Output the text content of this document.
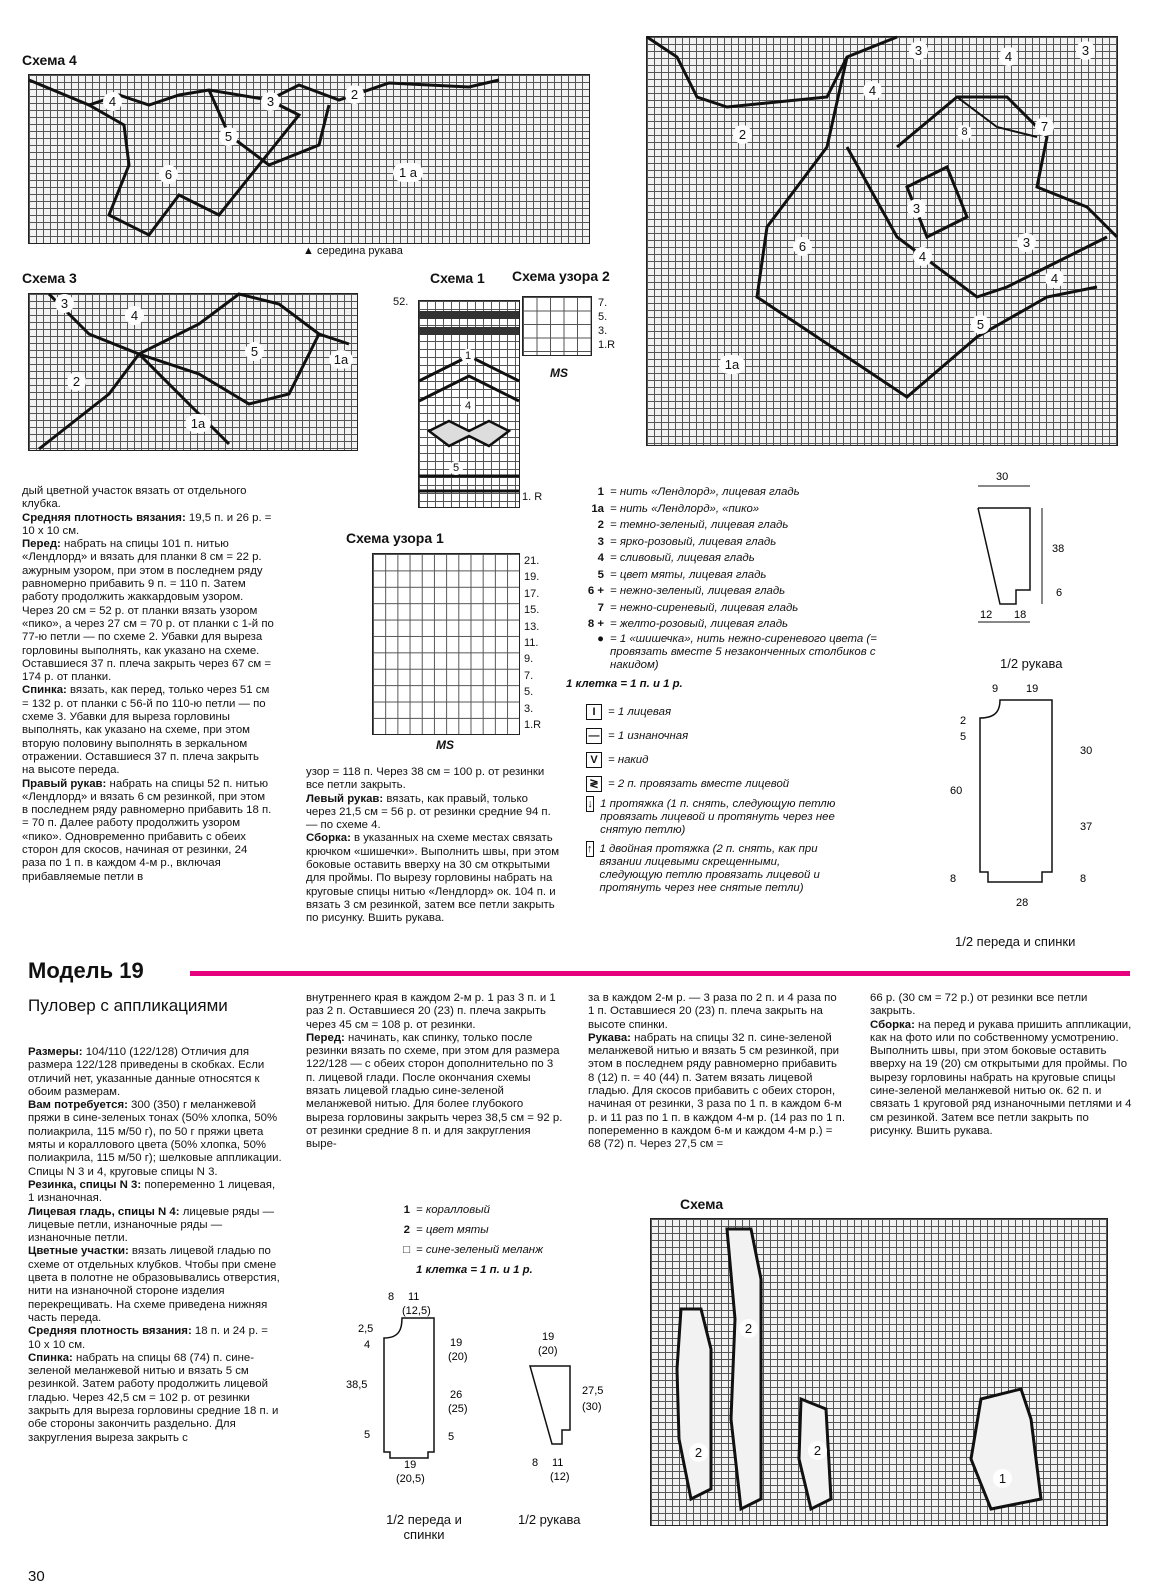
Схема 4
4	3	2
5
6	1 а
▲ середина рукава
Схема 3
3
4
5
1а
2
1а
Схема 1
52.
1
4
5
1. R
Схема узора 2
7.
5.
3.
1.R
MS
3	4	3
4
2
7
8
3
6
4
3
4
5
1а

дый цветной участок вязать от отдельного клубка.

Средняя плотность вязания: 19,5 п. и 26 р. = 10 х 10 см.

Перед: набрать на спицы 101 п. нитью «Лендлорд» и вязать для планки 8 см = 22 р. ажурным узором, при этом в последнем ряду равномерно прибавить 9 п. = 110 п. Затем работу продолжить жаккардовым узором. Через 20 см = 52 р. от планки вязать узором «пико», а через 27 см = 70 р. от планки с 1-й по 77-ю петли — по схеме 2. Убавки для выреза горловины выполнять, как указано на схеме. Оставшиеся 37 п. плеча закрыть через 67 см = 174 р. от планки.

Спинка: вязать, как перед, только через 51 см = 132 р. от планки с 56-й по 110-ю петли — по схеме 3. Убавки для выреза горловины выполнять, как указано на схеме, при этом вторую половину выполнять в зеркальном отражении. Оставшиеся 37 п. плеча закрыть на высоте переда.

Правый рукав: набрать на спицы 52 п. нитью «Лендлорд» и вязать 6 см резинкой, при этом в последнем ряду равномерно прибавить 18 п. = 70 п. Далее работу продолжить узором «пико». Одновременно прибавить с обеих сторон для скосов, начиная от резинки, 24 раза по 1 п. в каждом 4-м р., включая прибавляемые петли в

Схема узора 1
21.
19.
17.
15.
13.
11.
9.
7.
5.
3.
1.R
MS

узор = 118 п. Через 38 см = 100 р. от резинки все петли закрыть.

Левый рукав: вязать, как правый, только через 21,5 см = 56 р. от резинки средние 94 п. — по схеме 4.

Сборка: в указанных на схеме местах связать крючком «шишечки». Выполнить швы, при этом боковые оставить вверху на 30 см открытыми для проймы. По вырезу горловины набрать на круговые спицы нитью «Лендлорд» ок. 104 п. и вязать 3 см резинкой, затем все петли закрыть по рисунку. Вшить рукава.

1 = нить «Лендлорд», лицевая гладь
1а = нить «Лендлорд», «пико»
2 = темно-зеленый, лицевая гладь
3 = ярко-розовый, лицевая гладь
4 = сливовый, лицевая гладь
5 = цвет мяты, лицевая гладь
6 + = нежно-зеленый, лицевая гладь
7 = нежно-сиреневый, лицевая гладь
8 + = желто-розовый, лицевая гладь
● = 1 «шишечка», нить нежно-сиреневого цвета (= провязать вместе 5 незаконченных столбиков с накидом)
1 клетка = 1 п. и 1 р.
I	= 1 лицевая
— = 1 изнаночная
V = накид
≷ = 2 п. провязать вместе лицевой
↓ 1 протяжка (1 п. снять, следующую петлю провязать лицевой и протянуть через нее снятую петлю)
↑ 1 двойная протяжка (2 п. снять, как при вязании лицевыми скрещенными, следующую петлю провязать лицевой и протянуть через нее снятые петли)
30
38
6
12 18
1/2 рукава
9	19
2
5
30
60
37
8	8
28
1/2 переда и спинки
Модель 19
Пуловер с аппликациями

Размеры: 104/110 (122/128) Отличия для размера 122/128 приведены в скобках. Если отличий нет, указанные данные относятся к обоим размерам.

Вам потребуется: 300 (350) г меланжевой пряжи в сине-зеленых тонах (50% хлопка, 50% полиакрила, 115 м/50 г), по 50 г пряжи цвета мяты и кораллового цвета (50% хлопка, 50% полиакрила, 115 м/50 г); шелковые аппликации. Спицы N 3 и 4, круговые спицы N 3.

Резинка, спицы N 3: попеременно 1 лицевая, 1 изнаночная.

Лицевая гладь, спицы N 4: лицевые ряды — лицевые петли, изнаночные ряды — изнаночные петли.

Цветные участки: вязать лицевой гладью по схеме от отдельных клубков. Чтобы при смене цвета в полотне не образовывались отверстия, нити на изнаночной стороне изделия перекрещивать. На схеме приведена нижняя часть переда.

Средняя плотность вязания: 18 п. и 24 р. = 10 х 10 см.

Спинка: набрать на спицы 68 (74) п. сине-зеленой меланжевой нитью и вязать 5 см резинкой. Затем работу продолжить лицевой гладью. Через 42,5 см = 102 р. от резинки закрыть для выреза горловины средние 18 п. и обе стороны закончить раздельно. Для закругления выреза закрыть с

внутреннего края в каждом 2-м р. 1 раз 3 п. и 1 раз 2 п. Оставшиеся 20 (23) п. плеча закрыть через 45 см = 108 р. от резинки.

Перед: начинать, как спинку, только после резинки вязать по схеме, при этом для размера 122/128 — с обеих сторон дополнительно по 3 п. лицевой глади. После окончания схемы вязать лицевой гладью сине-зеленой меланжевой нитью. Для более глубокого выреза горловины закрыть через 38,5 см = 92 р. от резинки средние 8 п. и для закругления выре-

за в каждом 2-м р. — 3 раза по 2 п. и 4 раза по 1 п. Оставшиеся 20 (23) п. плеча закрыть на высоте спинки.

Рукава: набрать на спицы 32 п. сине-зеленой меланжевой нитью и вязать 5 см резинкой, при этом в последнем ряду равномерно прибавить 8 (12) п. = 40 (44) п. Затем вязать лицевой гладью. Для скосов прибавить с обеих сторон, начиная от резинки, 3 раза по 1 п. в каждом 6-м р. и 11 раз по 1 п. в каждом 4-м р. (14 раз по 1 п. попеременно в каждом 6-м и каждом 4-м р.) = 68 (72) п. Через 27,5 см =

66 р. (30 см = 72 р.) от резинки все петли закрыть.

Сборка: на перед и рукава пришить аппликации, как на фото или по собственному усмотрению. Выполнить швы, при этом боковые оставить вверху на 19 (20) см открытыми для проймы. По вырезу горловины набрать на круговые спицы сине-зеленой меланжевой нитью ок. 62 п. и связать 1 круговой ряд изнаночными петлями и 4 см резинкой. Затем все петли закрыть по рисунку. Вшить рукава.

1 = коралловый
2 = цвет мяты
□ = сине-зеленый меланж
1 клетка = 1 п. и 1 р.
8 11
(12,5)
2,5
4	19
(20)
38,5
26
(25)
5	5
19
(20,5)
1/2 переда и спинки
19
(20)
27,5
(30)
8 11
(12)
1/2 рукава
Схема
2
2	2
1
30
